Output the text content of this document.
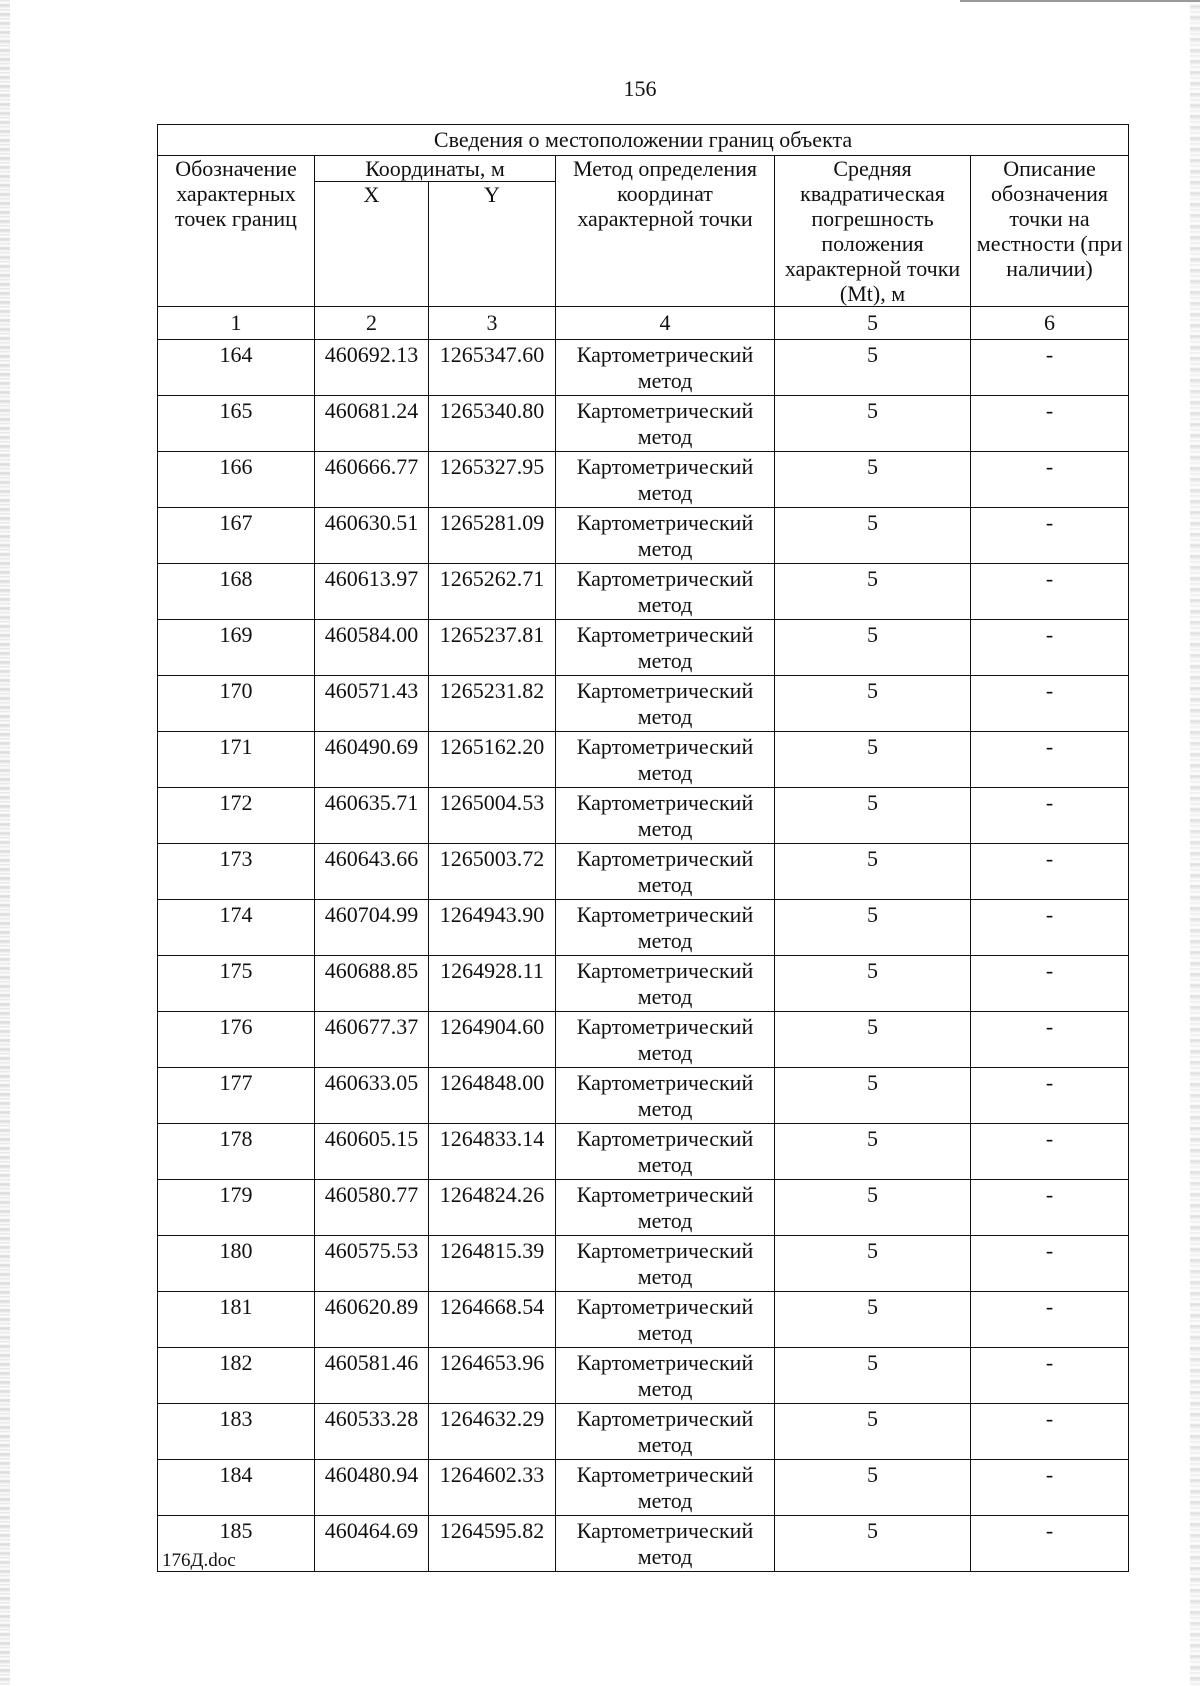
156
Сведения о местоположении границ объекта					
Обозначение характерных точек границ	Координаты, м		Метод определения координат характерной точки	Средняя квадратическая погрешность положения характерной точки (Mt), м	Описание обозначения точки на местности (при наличии)
	X	Y			
1	2	3	4	5	6
164	460692.13	1265347.60	Картометрический метод	5	-
165	460681.24	1265340.80	Картометрический метод	5	-
166	460666.77	1265327.95	Картометрический метод	5	-
167	460630.51	1265281.09	Картометрический метод	5	-
168	460613.97	1265262.71	Картометрический метод	5	-
169	460584.00	1265237.81	Картометрический метод	5	-
170	460571.43	1265231.82	Картометрический метод	5	-
171	460490.69	1265162.20	Картометрический метод	5	-
172	460635.71	1265004.53	Картометрический метод	5	-
173	460643.66	1265003.72	Картометрический метод	5	-
174	460704.99	1264943.90	Картометрический метод	5	-
175	460688.85	1264928.11	Картометрический метод	5	-
176	460677.37	1264904.60	Картометрический метод	5	-
177	460633.05	1264848.00	Картометрический метод	5	-
178	460605.15	1264833.14	Картометрический метод	5	-
179	460580.77	1264824.26	Картометрический метод	5	-
180	460575.53	1264815.39	Картометрический метод	5	-
181	460620.89	1264668.54	Картометрический метод	5	-
182	460581.46	1264653.96	Картометрический метод	5	-
183	460533.28	1264632.29	Картометрический метод	5	-
184	460480.94	1264602.33	Картометрический метод	5	-
185	460464.69	1264595.82	Картометрический метод	5	-
176Д.doc
